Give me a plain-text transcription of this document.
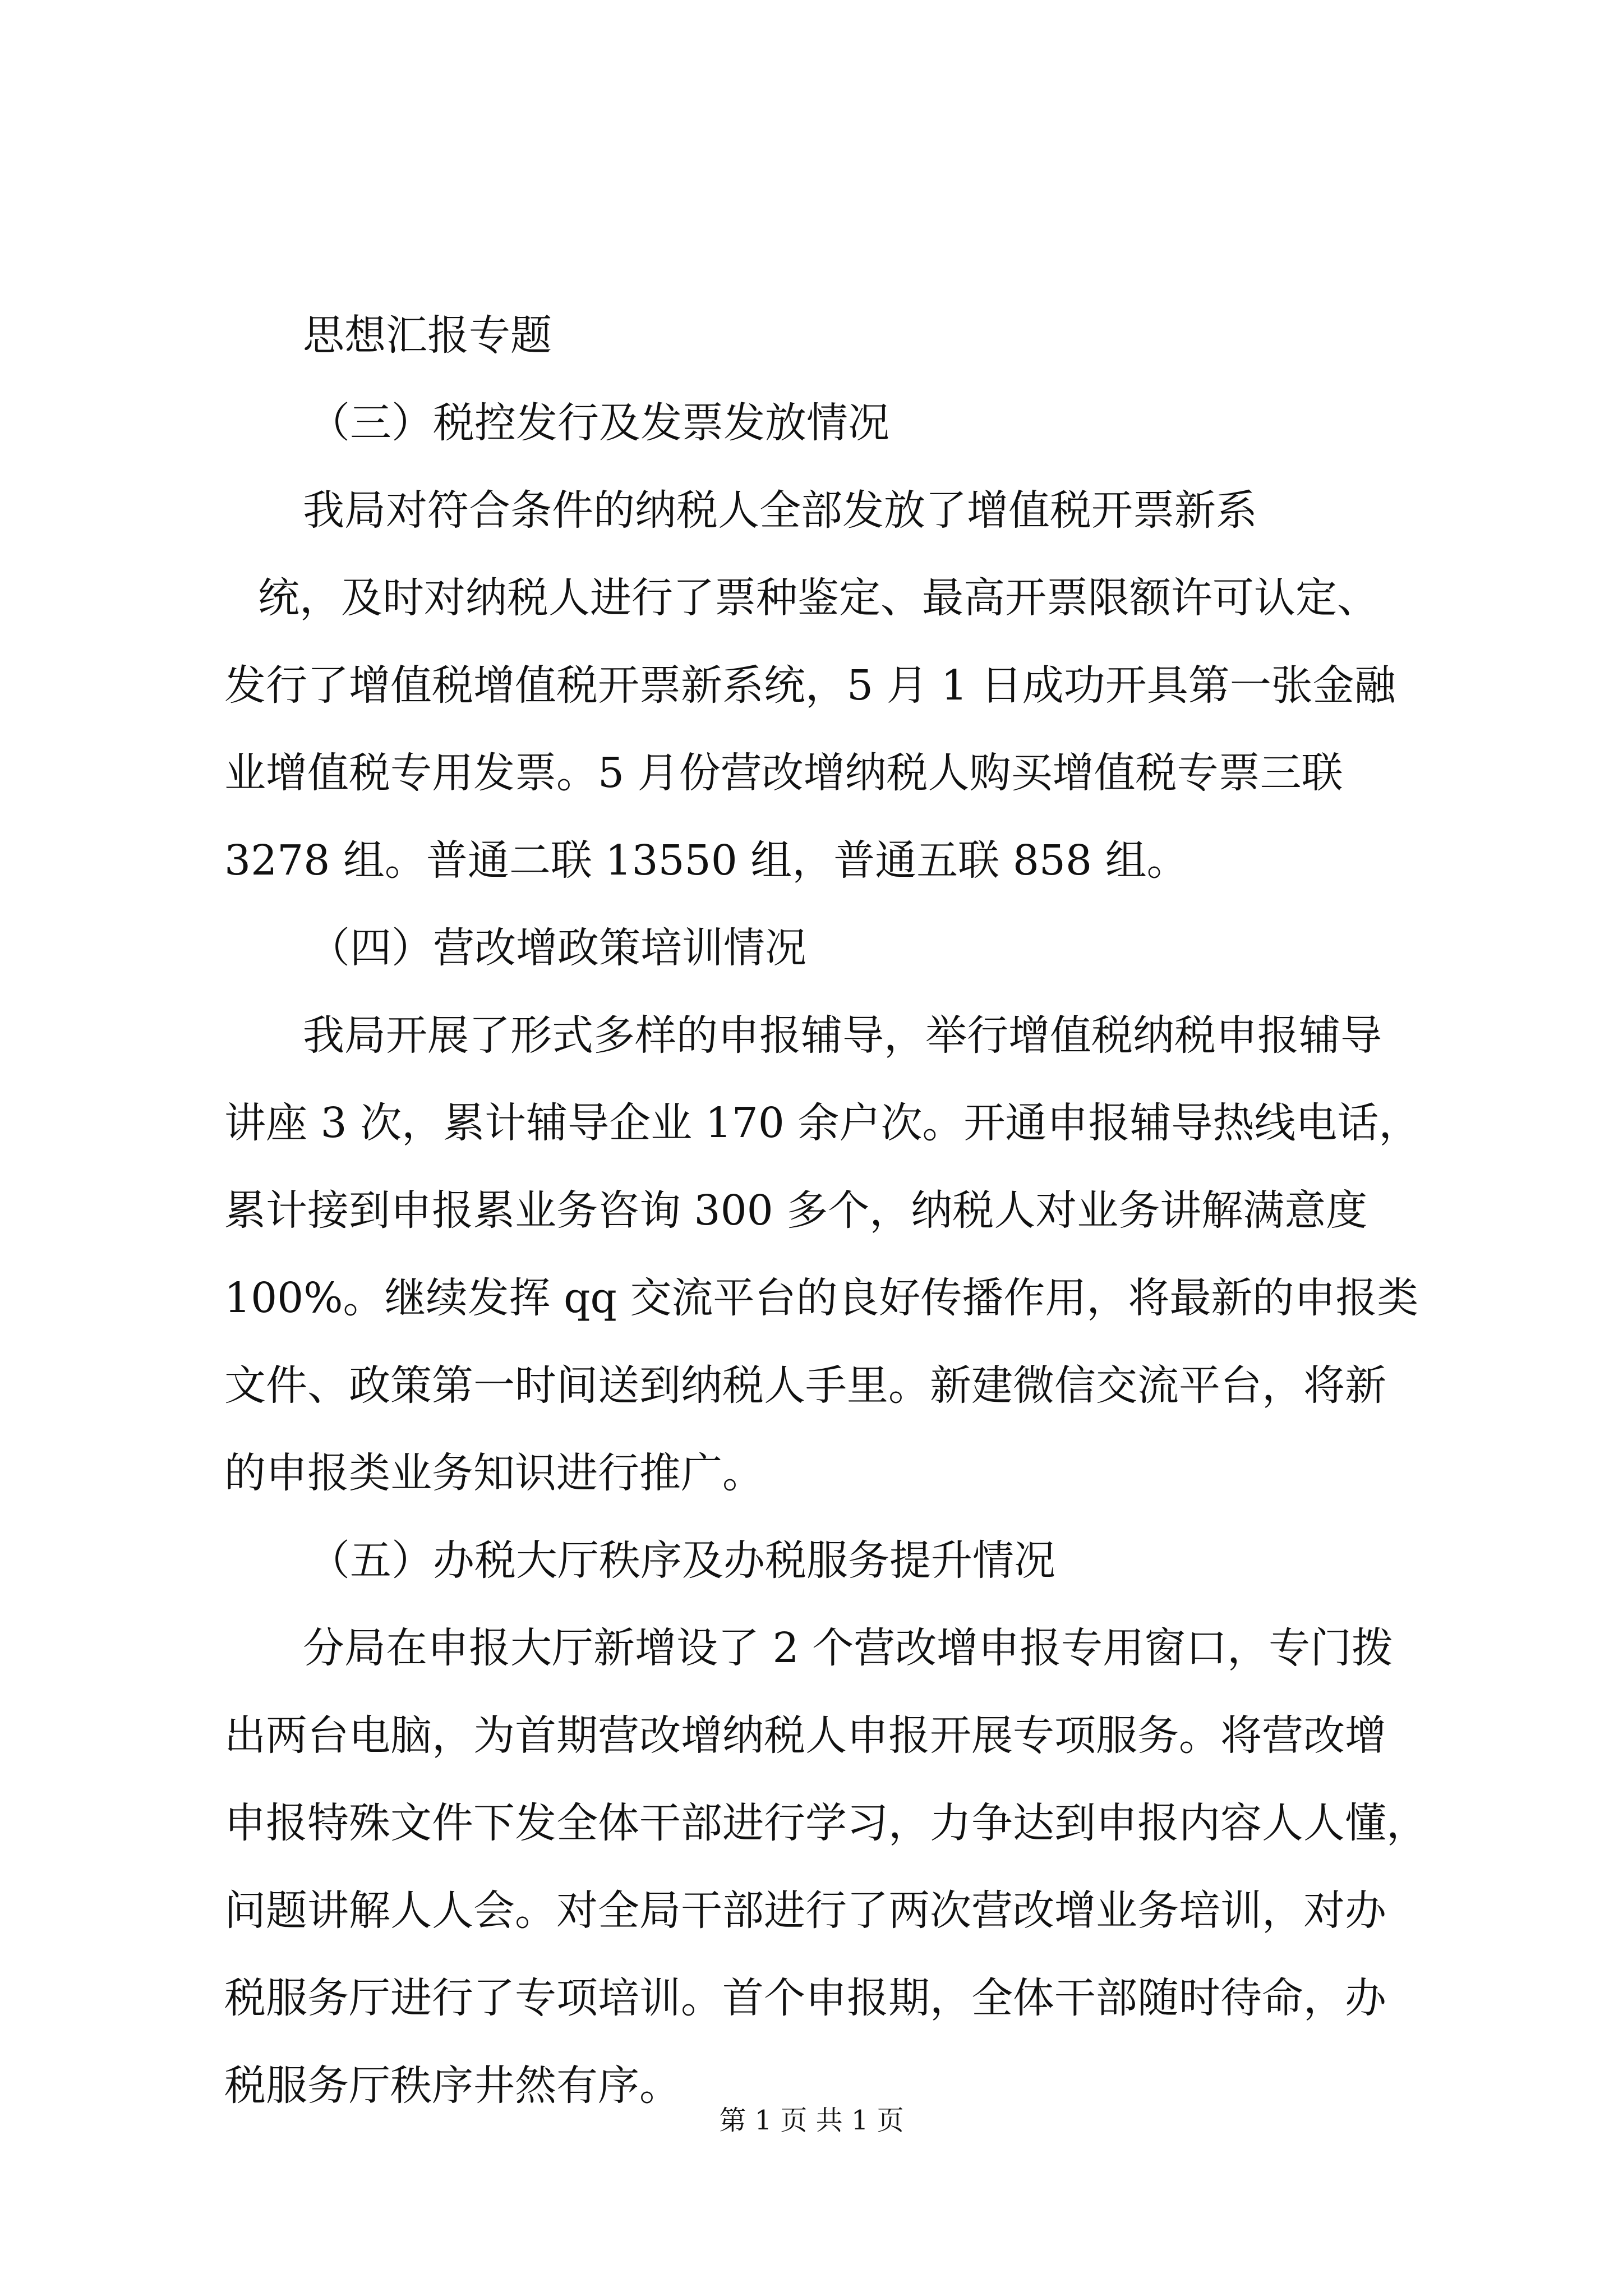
思想汇报专题
（三）税控发行及发票发放情况
我局对符合条件的纳税人全部发放了增值税开票新系
统，及时对纳税人进行了票种鉴定、最高开票限额许可认定、
发行了增值税增值税开票新系统，5 月 1 日成功开具第一张金融
业增值税专用发票。5 月份营改增纳税人购买增值税专票三联
3278 组。普通二联 13550 组，普通五联 858 组。
（四）营改增政策培训情况
我局开展了形式多样的申报辅导，举行增值税纳税申报辅导
讲座 3 次，累计辅导企业 170 余户次。开通申报辅导热线电话，
累计接到申报累业务咨询 300 多个，纳税人对业务讲解满意度
100%。继续发挥 qq 交流平台的良好传播作用，将最新的申报类
文件、政策第一时间送到纳税人手里。新建微信交流平台，将新
的申报类业务知识进行推广。
（五）办税大厅秩序及办税服务提升情况
分局在申报大厅新增设了 2 个营改增申报专用窗口，专门拨
出两台电脑，为首期营改增纳税人申报开展专项服务。将营改增
申报特殊文件下发全体干部进行学习，力争达到申报内容人人懂，
问题讲解人人会。对全局干部进行了两次营改增业务培训，对办
税服务厅进行了专项培训。首个申报期，全体干部随时待命，办
税服务厅秩序井然有序。
第 1 页 共 1 页
